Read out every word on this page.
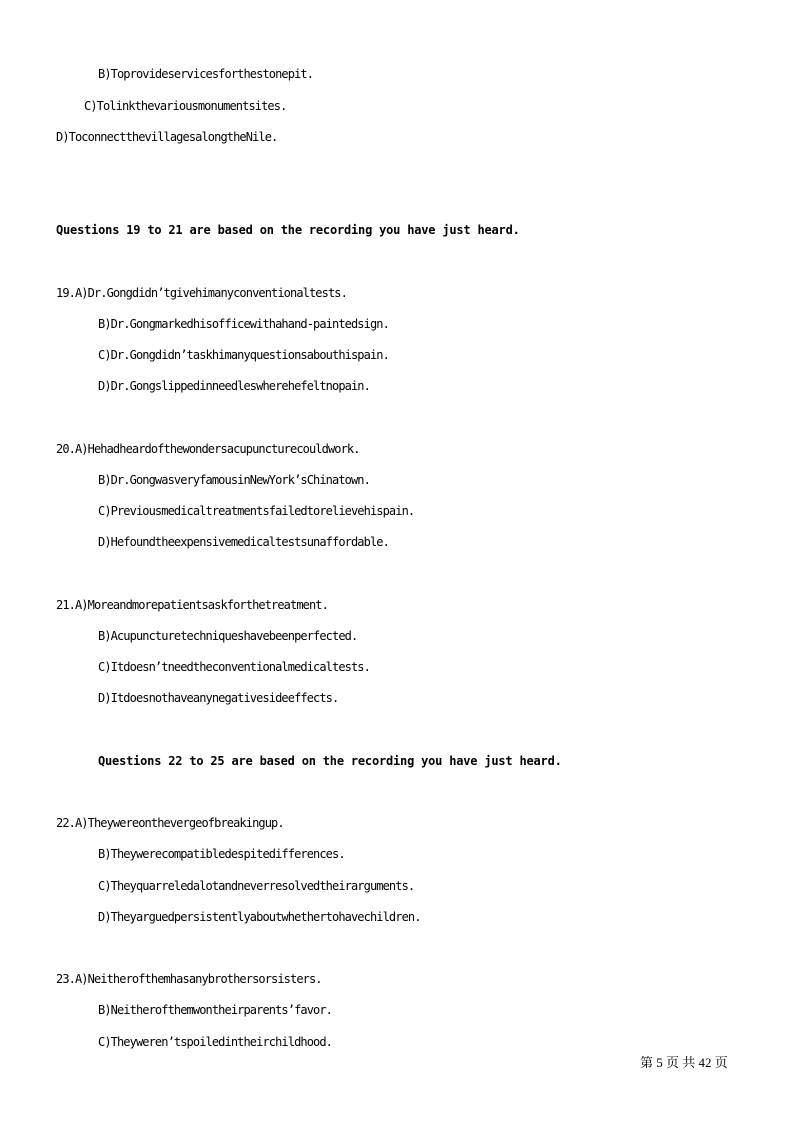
B)Toprovideservicesforthestonepit.
C)Tolinkthevariousmonumentsites.
D)ToconnectthevillagesalongtheNile.
Questions 19 to 21 are based on the recording you have just heard.
19.A)Dr.Gongdidn’tgivehimanyconventionaltests.
B)Dr.Gongmarkedhisofficewithahand-paintedsign.
C)Dr.Gongdidn’taskhimanyquestionsabouthispain.
D)Dr.Gongslippedinneedleswherehefeltnopain.
20.A)Hehadheardofthewondersacupuncturecouldwork.
B)Dr.GongwasveryfamousinNewYork’sChinatown.
C)Previousmedicaltreatmentsfailedtorelievehispain.
D)Hefoundtheexpensivemedicaltestsunaffordable.
21.A)Moreandmorepatientsaskforthetreatment.
B)Acupuncturetechniqueshavebeenperfected.
C)Itdoesn’tneedtheconventionalmedicaltests.
D)Itdoesnothaveanynegativesideeffects.
Questions 22 to 25 are based on the recording you have just heard.
22.A)Theywereonthevergeofbreakingup.
B)Theywerecompatibledespitedifferences.
C)Theyquarreledalotandneverresolvedtheirarguments.
D)Theyarguedpersistentlyaboutwhethertohavechildren.
23.A)Neitherofthemhasanybrothersorsisters.
B)Neitherofthemwontheirparents’favor.
C)Theyweren’tspoiledintheirchildhood.
第 5 页 共 42 页
